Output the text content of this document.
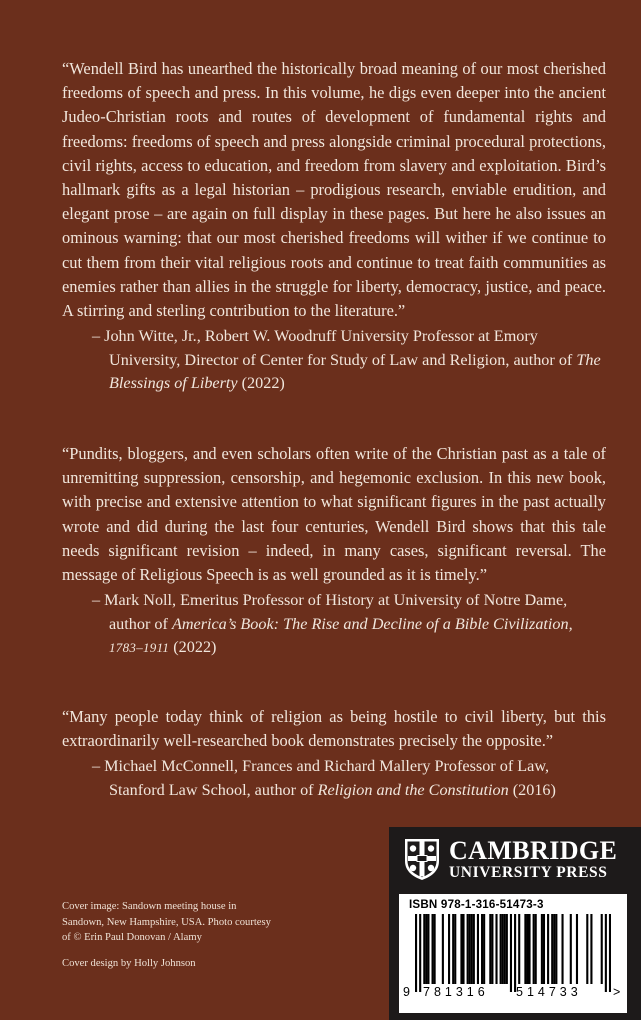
“Wendell Bird has unearthed the historically broad meaning of our most cherished freedoms of speech and press. In this volume, he digs even deeper into the ancient Judeo-Christian roots and routes of development of fundamental rights and freedoms: freedoms of speech and press alongside criminal procedural protections, civil rights, access to education, and freedom from slavery and exploitation. Bird’s hallmark gifts as a legal historian – prodigious research, enviable erudition, and elegant prose – are again on full display in these pages. But here he also issues an ominous warning: that our most cherished freedoms will wither if we continue to cut them from their vital religious roots and continue to treat faith communities as enemies rather than allies in the struggle for liberty, democracy, justice, and peace. A stirring and sterling contribution to the literature.”

– John Witte, Jr., Robert W. Woodruff University Professor at Emory University, Director of Center for Study of Law and Religion, author of The Blessings of Liberty (2022)

“Pundits, bloggers, and even scholars often write of the Christian past as a tale of unremitting suppression, censorship, and hegemonic exclusion. In this new book, with precise and extensive attention to what significant figures in the past actually wrote and did during the last four centuries, Wendell Bird shows that this tale needs significant revision – indeed, in many cases, significant reversal. The message of Religious Speech is as well grounded as it is timely.”

– Mark Noll, Emeritus Professor of History at University of Notre Dame, author of America’s Book: The Rise and Decline of a Bible Civilization, 1783–1911 (2022)

“Many people today think of religion as being hostile to civil liberty, but this extraordinarily well-researched book demonstrates precisely the opposite.”

– Michael McConnell, Frances and Richard Mallery Professor of Law, Stanford Law School, author of Religion and the Constitution (2016)
Cover image: Sandown meeting house in Sandown, New Hampshire, USA. Photo courtesy of © Erin Paul Donovan / Alamy
Cover design by Holly Johnson
CAMBRIDGE
UNIVERSITY PRESS
ISBN 978-1-316-51473-3
9 781316 514733	>
